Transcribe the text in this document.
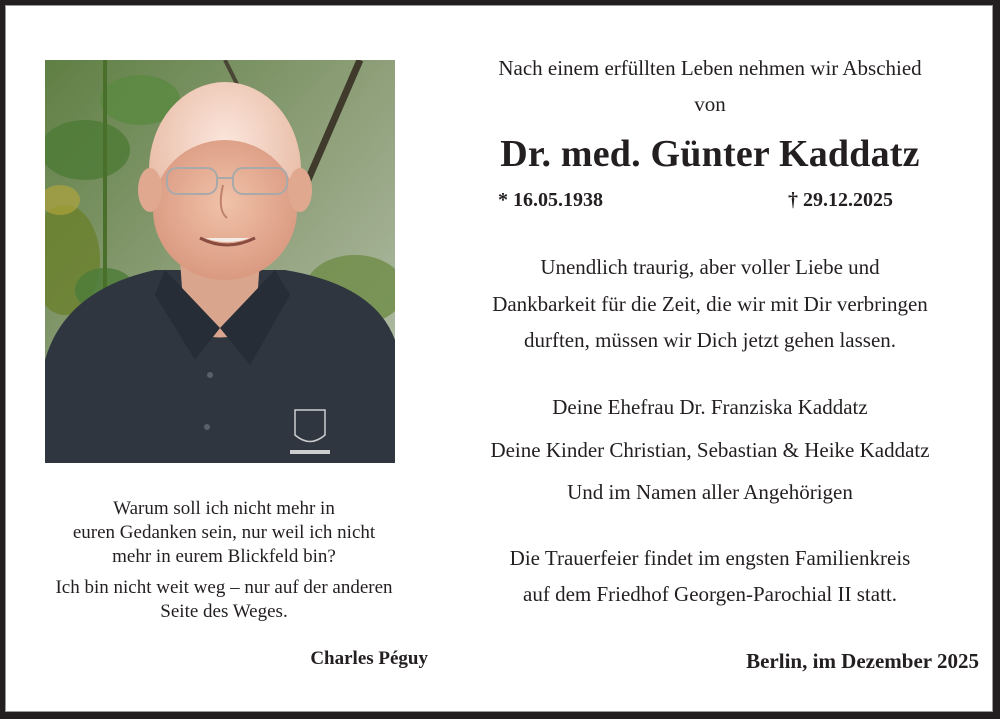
Warum soll ich nicht mehr in

euren Gedanken sein, nur weil ich nicht

mehr in eurem Blickfeld bin?

Ich bin nicht weit weg – nur auf der anderen

Seite des Weges.

Charles Péguy
Nach einem erfüllten Leben nehmen wir Abschied
von
Dr. med. Günter Kaddatz
* 16.05.1938	† 29.12.2025
Unendlich traurig, aber voller Liebe und
Dankbarkeit für die Zeit, die wir mit Dir verbringen
durften, müssen wir Dich jetzt gehen lassen.
Deine Ehefrau Dr. Franziska Kaddatz
Deine Kinder Christian, Sebastian & Heike Kaddatz
Und im Namen aller Angehörigen
Die Trauerfeier findet im engsten Familienkreis
auf dem Friedhof Georgen-Parochial II statt.
Berlin, im Dezember 2025
